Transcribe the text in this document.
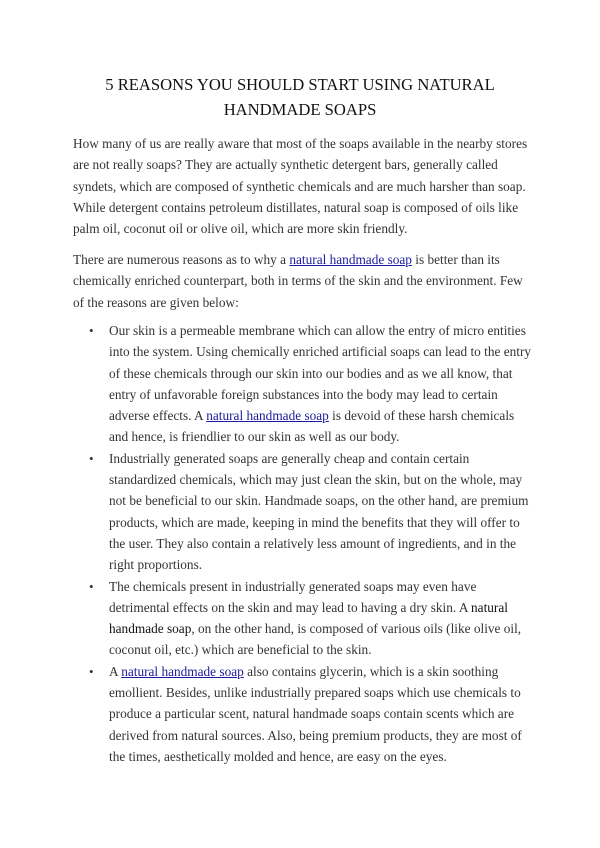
5 REASONS YOU SHOULD START USING NATURAL HANDMADE SOAPS

How many of us are really aware that most of the soaps available in the nearby stores are not really soaps? They are actually synthetic detergent bars, generally called syndets, which are composed of synthetic chemicals and are much harsher than soap. While detergent contains petroleum distillates, natural soap is composed of oils like palm oil, coconut oil or olive oil, which are more skin friendly.

There are numerous reasons as to why a natural handmade soap is better than its chemically enriched counterpart, both in terms of the skin and the environment. Few of the reasons are given below:

• Our skin is a permeable membrane which can allow the entry of micro entities into the system. Using chemically enriched artificial soaps can lead to the entry of these chemicals through our skin into our bodies and as we all know, that entry of unfavorable foreign substances into the body may lead to certain adverse effects. A natural handmade soap is devoid of these harsh chemicals and hence, is friendlier to our skin as well as our body.
• Industrially generated soaps are generally cheap and contain certain standardized chemicals, which may just clean the skin, but on the whole, may not be beneficial to our skin. Handmade soaps, on the other hand, are premium products, which are made, keeping in mind the benefits that they will offer to the user. They also contain a relatively less amount of ingredients, and in the right proportions.
• The chemicals present in industrially generated soaps may even have detrimental effects on the skin and may lead to having a dry skin. A natural handmade soap, on the other hand, is composed of various oils (like olive oil, coconut oil, etc.) which are beneficial to the skin.
• A natural handmade soap also contains glycerin, which is a skin soothing emollient. Besides, unlike industrially prepared soaps which use chemicals to produce a particular scent, natural handmade soaps contain scents which are derived from natural sources. Also, being premium products, they are most of the times, aesthetically molded and hence, are easy on the eyes.
